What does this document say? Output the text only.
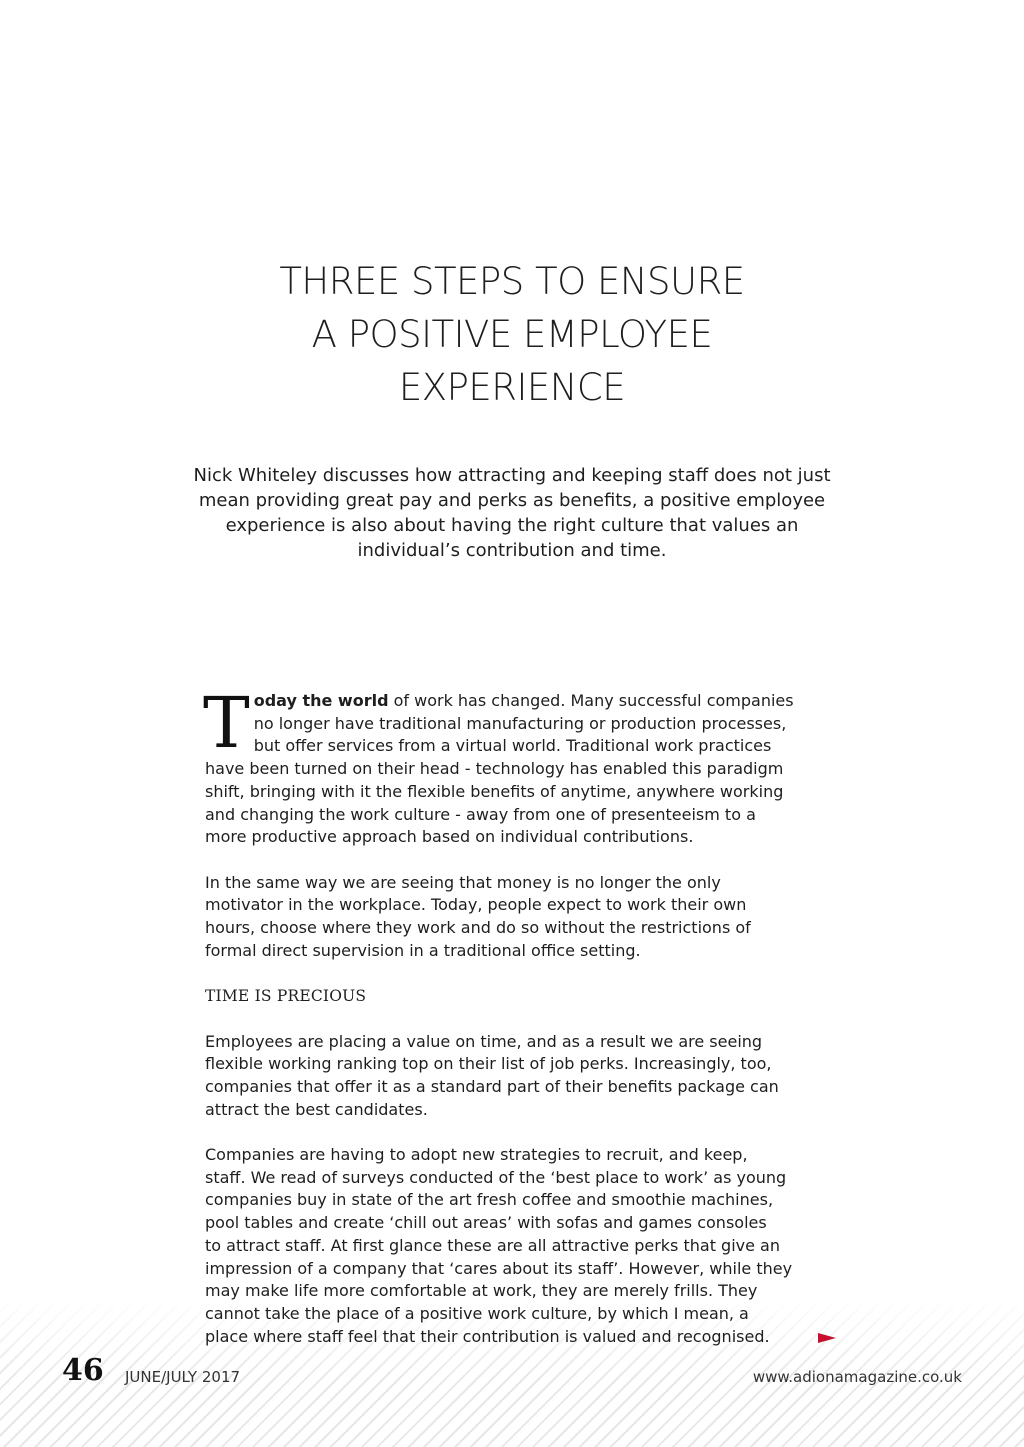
THREE STEPS TO ENSURE
A POSITIVE EMPLOYEE
EXPERIENCE

Nick Whiteley discusses how attracting and keeping staff does not just
mean providing great pay and perks as benefits, a positive employee
experience is also about having the right culture that values an
individual’s contribution and time.

T oday the world of work has changed. Many successful companies
no longer have traditional manufacturing or production processes,
but offer services from a virtual world. Traditional work practices
have been turned on their head - technology has enabled this paradigm
shift, bringing with it the flexible benefits of anytime, anywhere working
and changing the work culture - away from one of presenteeism to a
more productive approach based on individual contributions.

In the same way we are seeing that money is no longer the only
motivator in the workplace. Today, people expect to work their own
hours, choose where they work and do so without the restrictions of
formal direct supervision in a traditional office setting.

TIME IS PRECIOUS

Employees are placing a value on time, and as a result we are seeing
flexible working ranking top on their list of job perks. Increasingly, too,
companies that offer it as a standard part of their benefits package can
attract the best candidates.

Companies are having to adopt new strategies to recruit, and keep,
staff. We read of surveys conducted of the ‘best place to work’ as young
companies buy in state of the art fresh coffee and smoothie machines,
pool tables and create ‘chill out areas’ with sofas and games consoles
to attract staff. At first glance these are all attractive perks that give an
impression of a company that ‘cares about its staff’. However, while they
may make life more comfortable at work, they are merely frills. They
cannot take the place of a positive work culture, by which I mean, a
place where staff feel that their contribution is valued and recognised.

46 JUNE/JULY 2017	www.adionamagazine.co.uk
